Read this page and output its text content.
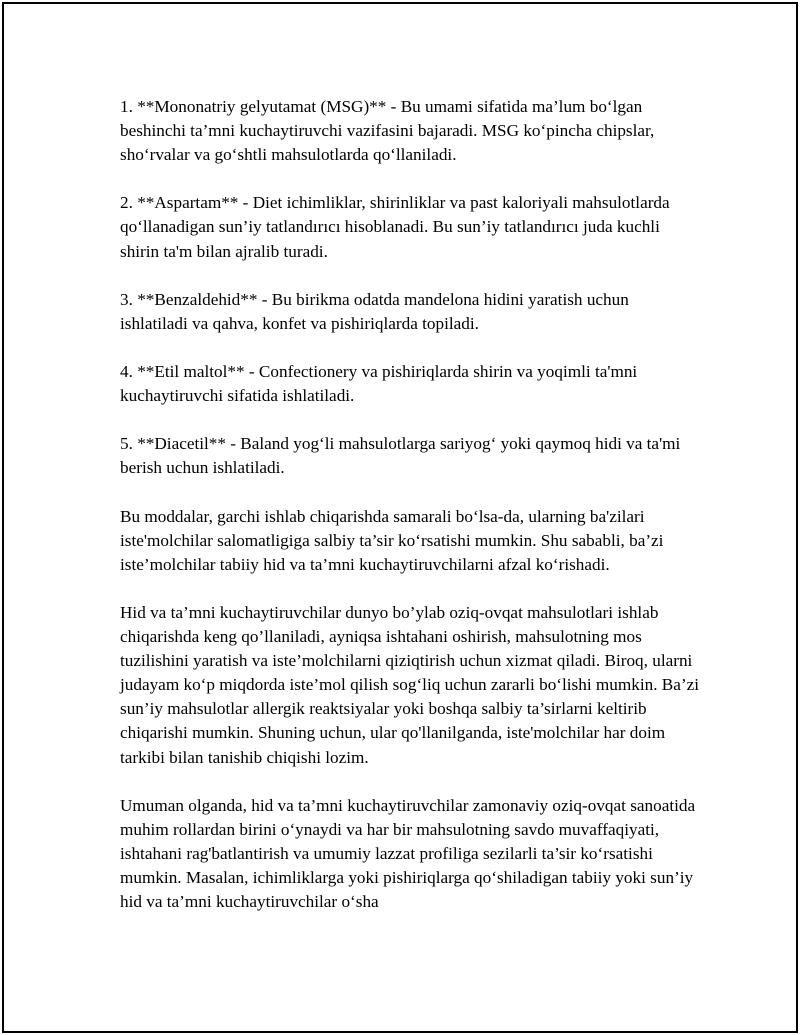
1. **Mononatriy gelyutamat (MSG)** - Bu umami sifatida ma’lum bo‘lgan beshinchi ta’mni kuchaytiruvchi vazifasini bajaradi. MSG ko‘pincha chipslar, sho‘rvalar va go‘shtli mahsulotlarda qo‘llaniladi.

2. **Aspartam** - Diet ichimliklar, shirinliklar va past kaloriyali mahsulotlarda qo‘llanadigan sun’iy tatlandırıcı hisoblanadi. Bu sun’iy tatlandırıcı juda kuchli shirin ta'm bilan ajralib turadi.

3. **Benzaldehid** - Bu birikma odatda mandelona hidini yaratish uchun ishlatiladi va qahva, konfet va pishiriqlarda topiladi.

4. **Etil maltol** - Confectionery va pishiriqlarda shirin va yoqimli ta'mni kuchaytiruvchi sifatida ishlatiladi.

5. **Diacetil** - Baland yog‘li mahsulotlarga sariyog‘ yoki qaymoq hidi va ta'mi berish uchun ishlatiladi.

Bu moddalar, garchi ishlab chiqarishda samarali bo‘lsa-da, ularning ba'zilari iste'molchilar salomatligiga salbiy ta’sir ko‘rsatishi mumkin. Shu sababli, ba’zi iste’molchilar tabiiy hid va ta’mni kuchaytiruvchilarni afzal ko‘rishadi.

Hid va ta’mni kuchaytiruvchilar dunyo bo’ylab oziq-ovqat mahsulotlari ishlab chiqarishda keng qo’llaniladi, ayniqsa ishtahani oshirish, mahsulotning mos tuzilishini yaratish va iste’molchilarni qiziqtirish uchun xizmat qiladi. Biroq, ularni judayam ko‘p miqdorda iste’mol qilish sog‘liq uchun zararli bo‘lishi mumkin. Ba’zi sun’iy mahsulotlar allergik reaktsiyalar yoki boshqa salbiy ta’sirlarni keltirib chiqarishi mumkin. Shuning uchun, ular qo'llanilganda, iste'molchilar har doim tarkibi bilan tanishib chiqishi lozim.

Umuman olganda, hid va ta’mni kuchaytiruvchilar zamonaviy oziq-ovqat sanoatida muhim rollardan birini o‘ynaydi va har bir mahsulotning savdo muvaffaqiyati, ishtahani rag'batlantirish va umumiy lazzat profiliga sezilarli ta’sir ko‘rsatishi mumkin. Masalan, ichimliklarga yoki pishiriqlarga qo‘shiladigan tabiiy yoki sun’iy hid va ta’mni kuchaytiruvchilar o‘sha
